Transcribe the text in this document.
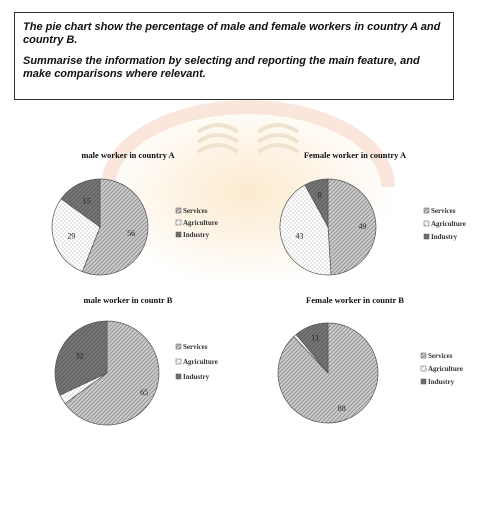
The pie chart show the percentage of male and female workers in country A and country B.

Summarise the information by selecting and reporting the main feature, and make comparisons where relevant.

male worker in country A
56
29
15
Services
Agriculture
Industry
Female worker in country A
49
43
8
Services
Agriculture
Industry
male worker in countr B
65
32
Services
Agriculture
Industry
Female worker in countr B
88
11
Services
Agriculture
Industry
